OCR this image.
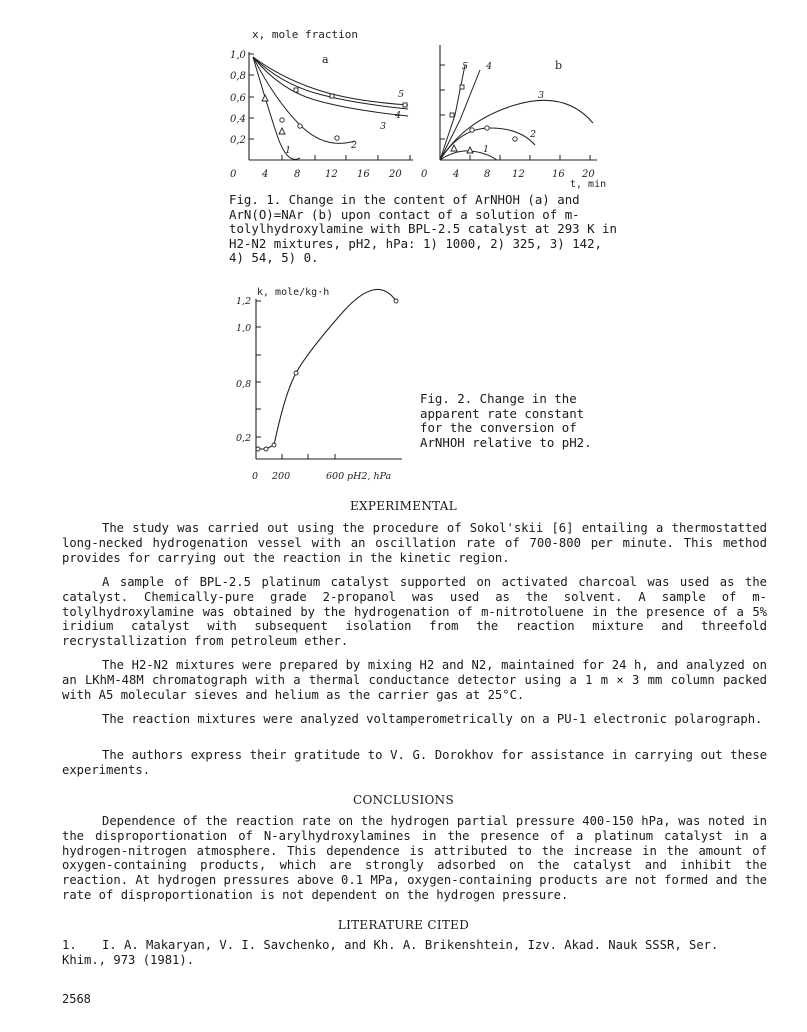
x, mole fraction
1,0
0,8
0,6
0,4
0,2
0	4	8 12 16 20
a
1	2
3
4
5
0	4 8 12	16 20
t, min
b
1
2
3
4
5
Fig. 1. Change in the content of ArNHOH (a) and ArN(O)=NAr (b) upon contact of a solution of m-tolylhydroxylamine with BPL-2.5 catalyst at 293 K in H2-N2 mixtures, pH2, hPa: 1) 1000, 2) 325, 3) 142, 4) 54, 5) 0.
k, mole/kg·h
1,2
1,0
0,8
0,2
0 200	600 pH2, hPa
Fig. 2. Change in the apparent rate constant for the conversion of ArNHOH relative to pH2.
EXPERIMENTAL
The study was carried out using the procedure of Sokol'skii [6] entailing a thermostatted long-necked hydrogenation vessel with an oscillation rate of 700-800 per minute. This method provides for carrying out the reaction in the kinetic region.
A sample of BPL-2.5 platinum catalyst supported on activated charcoal was used as the catalyst. Chemically-pure grade 2-propanol was used as the solvent. A sample of m-tolylhydroxylamine was obtained by the hydrogenation of m-nitrotoluene in the presence of a 5% iridium catalyst with subsequent isolation from the reaction mixture and threefold recrystallization from petroleum ether.
The H2-N2 mixtures were prepared by mixing H2 and N2, maintained for 24 h, and analyzed on an LKhM-48M chromatograph with a thermal conductance detector using a 1 m × 3 mm column packed with A5 molecular sieves and helium as the carrier gas at 25°C.
The reaction mixtures were analyzed voltamperometrically on a PU-1 electronic polarograph.
The authors express their gratitude to V. G. Dorokhov for assistance in carrying out these experiments.
CONCLUSIONS
Dependence of the reaction rate on the hydrogen partial pressure 400-150 hPa, was noted in the disproportionation of N-arylhydroxylamines in the presence of a platinum catalyst in a hydrogen-nitrogen atmosphere. This dependence is attributed to the increase in the amount of oxygen-containing products, which are strongly adsorbed on the catalyst and inhibit the reaction. At hydrogen pressures above 0.1 MPa, oxygen-containing products are not formed and the rate of disproportionation is not dependent on the hydrogen pressure.
LITERATURE CITED
1. I. A. Makaryan, V. I. Savchenko, and Kh. A. Brikenshtein, Izv. Akad. Nauk SSSR, Ser. Khim., 973 (1981).
2568
